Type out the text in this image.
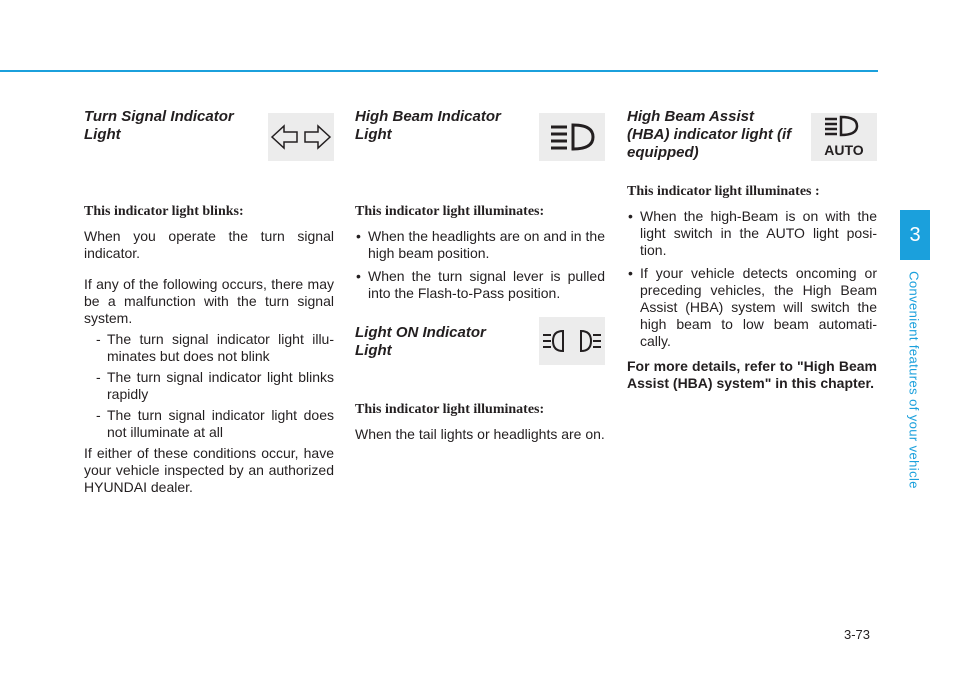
Turn Signal Indicator Light
This indicator light blinks:

When you operate the turn signal indicator.

If any of the following occurs, there may be a malfunction with the turn signal system.

- The turn signal indicator light illu-minates but does not blink
- The turn signal indicator light blinks rapidly
- The turn signal indicator light does not illuminate at all

If either of these conditions occur, have your vehicle inspected by an authorized HYUNDAI dealer.

High Beam Indicator Light
This indicator light illuminates:
• When the headlights are on and in the high beam position.
• When the turn signal lever is pulled into the Flash-to-Pass position.
Light ON Indicator Light
This indicator light illuminates:

When the tail lights or headlights are on.

High Beam Assist (HBA) indicator light (if equipped)	AUTO
This indicator light illuminates :
• When the high-Beam is on with the light switch in the AUTO light posi-tion.
• If your vehicle detects oncoming or preceding vehicles, the High Beam Assist (HBA) system will switch the high beam to low beam automati-cally.

For more details, refer to "High Beam Assist (HBA) system" in this chapter.

3
Convenient features of your vehicle
3-73
